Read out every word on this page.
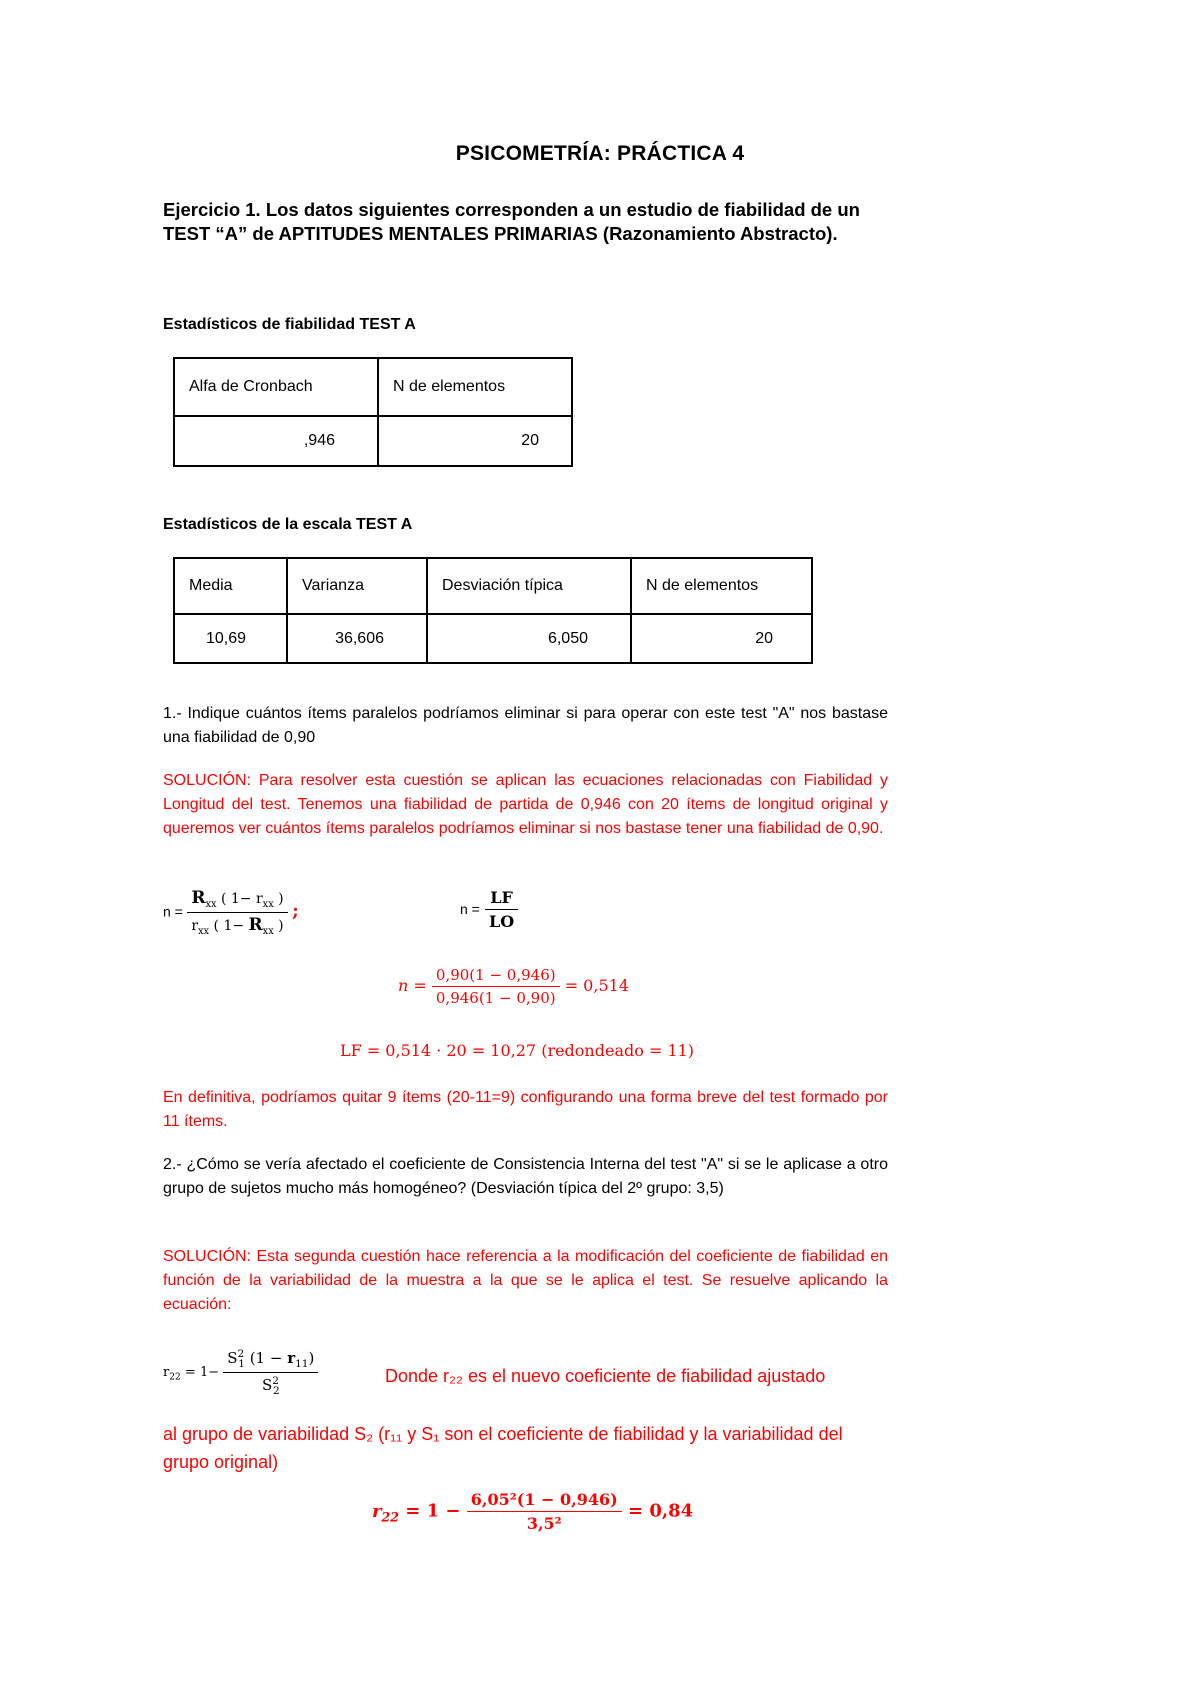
PSICOMETRÍA: PRÁCTICA 4
Ejercicio 1. Los datos siguientes corresponden a un estudio de fiabilidad de un TEST “A” de APTITUDES MENTALES PRIMARIAS (Razonamiento Abstracto).
Estadísticos de fiabilidad TEST A
Alfa de Cronbach	N de elementos
,946	20
Estadísticos de la escala TEST A
Media	Varianza	Desviación típica	N de elementos
10,69	36,606	6,050	20
1.- Indique cuántos ítems paralelos podríamos eliminar si para operar con este test "A" nos bastase una fiabilidad de 0,90
SOLUCIÓN: Para resolver esta cuestión se aplican las ecuaciones relacionadas con Fiabilidad y Longitud del test. Tenemos una fiabilidad de partida de 0,946 con 20 ítems de longitud original y queremos ver cuántos ítems paralelos podríamos eliminar si nos bastase tener una fiabilidad de 0,90.
$n = \frac{R_{xx} ( 1- r_{xx} )}{r_{xx} ( 1- R_{xx} )}$ ;	$n = \frac{LF}{LO}$
$n = \frac{0,90(1 - 0,946)}{0,946(1 - 0,90)} = 0,514$
LF = 0,514 · 20 = 10,27 (redondeado = 11)
En definitiva, podríamos quitar 9 ítems (20-11=9) configurando una forma breve del test formado por 11 ítems.
2.- ¿Cómo se vería afectado el coeficiente de Consistencia Interna del test "A" si se le aplicase a otro grupo de sujetos mucho más homogéneo? (Desviación típica del 2º grupo: 3,5)
SOLUCIÓN: Esta segunda cuestión hace referencia a la modificación del coeficiente de fiabilidad en función de la variabilidad de la muestra a la que se le aplica el test. Se resuelve aplicando la ecuación:
$r_{22} = 1- \frac{S^2_1 (1 - r_{11})}{S^2_2}$	Donde r₂₂ es el nuevo coeficiente de fiabilidad ajustado
al grupo de variabilidad S₂ (r₁₁ y S₁ son el coeficiente de fiabilidad y la variabilidad del grupo original)
$r_{22} = 1 - \frac{\text{6,05²(1 − 0,946)}}{\text{3,5²}} = 0,84$
